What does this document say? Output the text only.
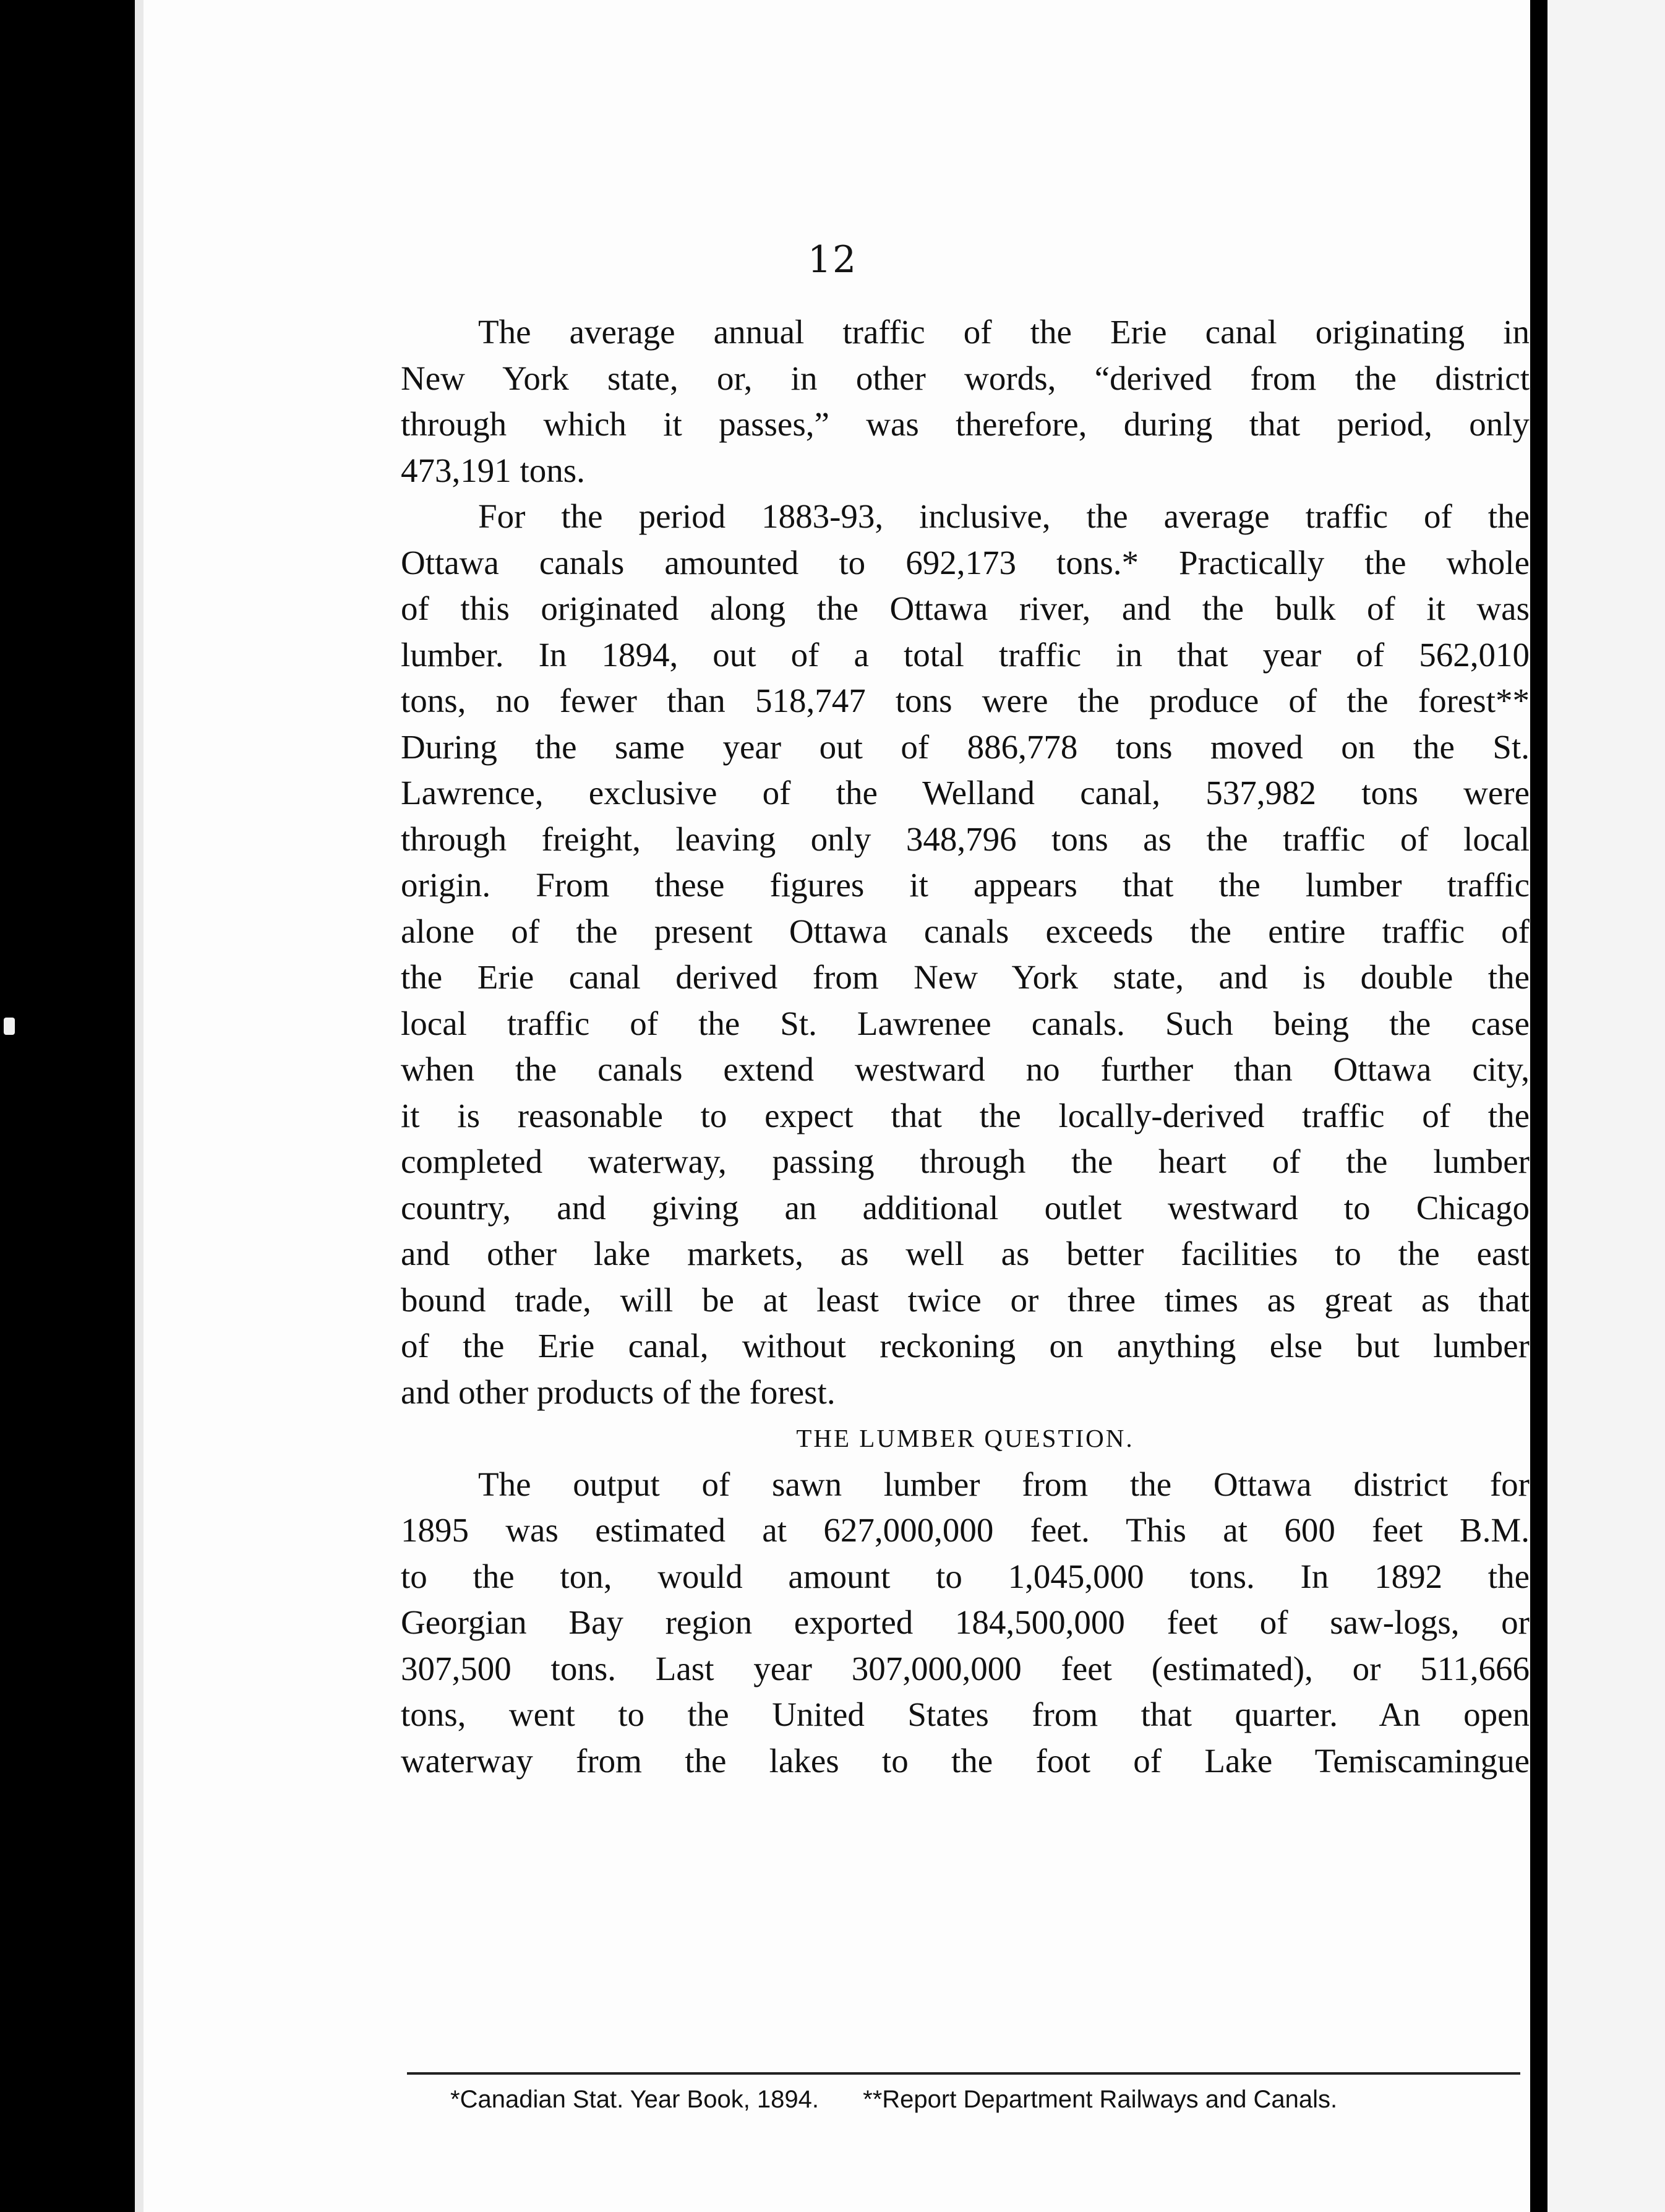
12
The average annual traffic of the Erie canal originating in
New York state, or, in other words, “derived from the district
through which it passes,” was therefore, during that period, only
473,191 tons.
For the period 1883-93, inclusive, the average traffic of the
Ottawa canals amounted to 692,173 tons.* Practically the whole
of this originated along the Ottawa river, and the bulk of it was
lumber. In 1894, out of a total traffic in that year of 562,010
tons, no fewer than 518,747 tons were the produce of the forest**
During the same year out of 886,778 tons moved on the St.
Lawrence, exclusive of the Welland canal, 537,982 tons were
through freight, leaving only 348,796 tons as the traffic of local
origin. From these figures it appears that the lumber traffic
alone of the present Ottawa canals exceeds the entire traffic of
the Erie canal derived from New York state, and is double the
local traffic of the St. Lawrenee canals. Such being the case
when the canals extend westward no further than Ottawa city,
it is reasonable to expect that the locally-derived traffic of the
completed waterway, passing through the heart of the lumber
country, and giving an additional outlet westward to Chicago
and other lake markets, as well as better facilities to the east
bound trade, will be at least twice or three times as great as that
of the Erie canal, without reckoning on anything else but lumber
and other products of the forest.
THE LUMBER QUESTION.
The output of sawn lumber from the Ottawa district for
1895 was estimated at 627,000,000 feet. This at 600 feet B.M.
to the ton, would amount to 1,045,000 tons. In 1892 the
Georgian Bay region exported 184,500,000 feet of saw-logs, or
307,500 tons. Last year 307,000,000 feet (estimated), or 511,666
tons, went to the United States from that quarter. An open
waterway from the lakes to the foot of Lake Temiscamingue
*Canadian Stat. Year Book, 1894. **Report Department Railways and Canals.
